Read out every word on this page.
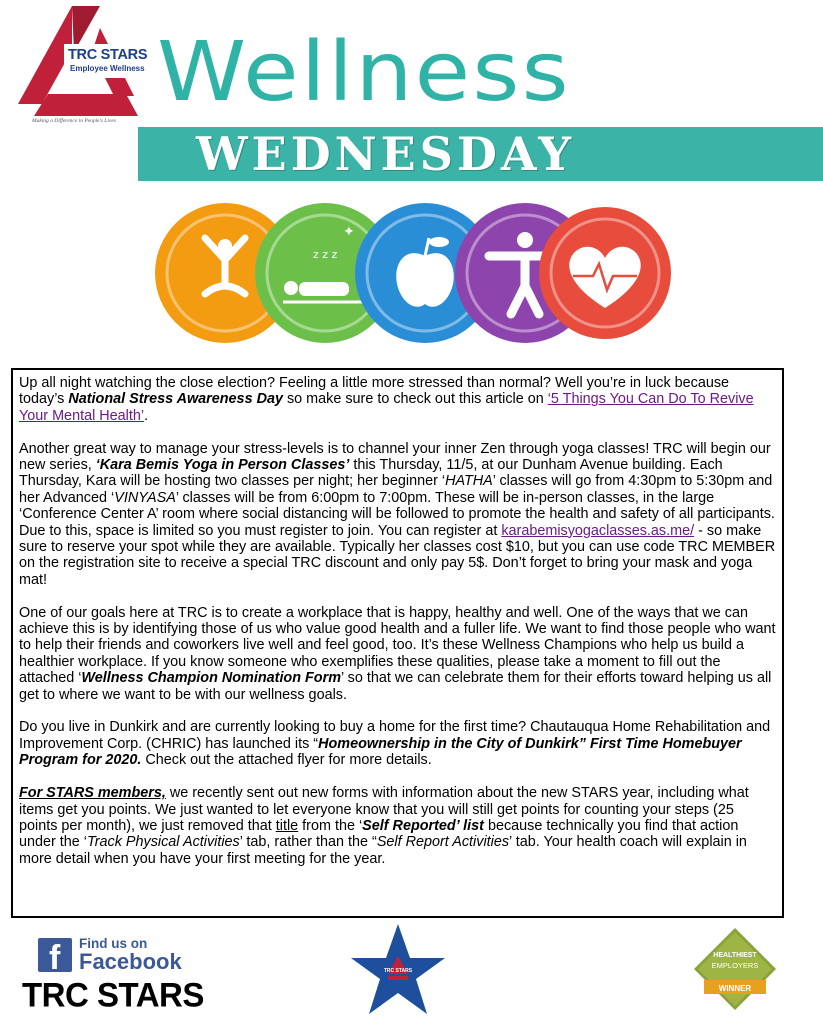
TRC STARS
Employee Wellness
Making a Difference in People's Lives
Wellness
WEDNESDAY
z z z
✦

Up all night watching the close election? Feeling a little more stressed than normal? Well you’re in luck because today’s National Stress Awareness Day so make sure to check out this article on ‘5 Things You Can Do To Revive Your Mental Health’.

Another great way to manage your stress-levels is to channel your inner Zen through yoga classes! TRC will begin our new series, ‘Kara Bemis Yoga in Person Classes’ this Thursday, 11/5, at our Dunham Avenue building. Each Thursday, Kara will be hosting two classes per night; her beginner ‘HATHA’ classes will go from 4:30pm to 5:30pm and her Advanced ‘VINYASA’ classes will be from 6:00pm to 7:00pm. These will be in-person classes, in the large ‘Conference Center A’ room where social distancing will be followed to promote the health and safety of all participants. Due to this, space is limited so you must register to join. You can register at karabemisyogaclasses.as.me/ - so make sure to reserve your spot while they are available. Typically her classes cost $10, but you can use code TRC MEMBER on the registration site to receive a special TRC discount and only pay 5$. Don’t forget to bring your mask and yoga mat!

One of our goals here at TRC is to create a workplace that is happy, healthy and well. One of the ways that we can achieve this is by identifying those of us who value good health and a fuller life. We want to find those people who want to help their friends and coworkers live well and feel good, too. It’s these Wellness Champions who help us build a healthier workplace. If you know someone who exemplifies these qualities, please take a moment to fill out the attached ‘Wellness Champion Nomination Form’ so that we can celebrate them for their efforts toward helping us all get to where we want to be with our wellness goals.

Do you live in Dunkirk and are currently looking to buy a home for the first time? Chautauqua Home Rehabilitation and Improvement Corp. (CHRIC) has launched its “Homeownership in the City of Dunkirk” First Time Homebuyer Program for 2020. Check out the attached flyer for more details.

For STARS members, we recently sent out new forms with information about the new STARS year, including what items get you points. We just wanted to let everyone know that you will still get points for counting your steps (25 points per month), we just removed that title from the ‘Self Reported’ list because technically you find that action under the ‘Track Physical Activities’ tab, rather than the “Self Report Activities’ tab. Your health coach will explain in more detail when you have your first meeting for the year.

f Find us on
Facebook
TRC STARS
TRC STARS
HEALTHIEST
EMPLOYERS
WINNER
